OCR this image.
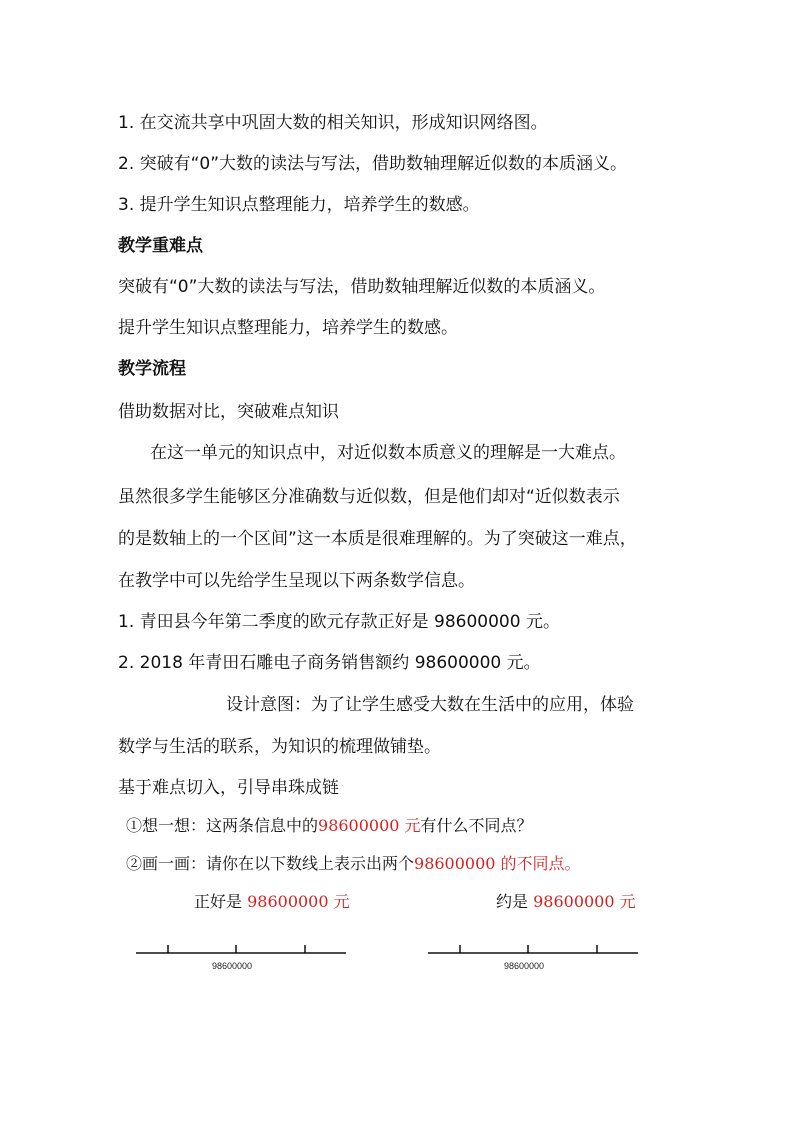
1. 在交流共享中巩固大数的相关知识，形成知识网络图。
2. 突破有“0”大数的读法与写法，借助数轴理解近似数的本质涵义。
3. 提升学生知识点整理能力，培养学生的数感。
教学重难点
突破有“0”大数的读法与写法，借助数轴理解近似数的本质涵义。
提升学生知识点整理能力，培养学生的数感。
教学流程
借助数据对比，突破难点知识
在这一单元的知识点中，对近似数本质意义的理解是一大难点。
虽然很多学生能够区分准确数与近似数，但是他们却对“近似数表示
的是数轴上的一个区间”这一本质是很难理解的。为了突破这一难点，
在教学中可以先给学生呈现以下两条数学信息。
1. 青田县今年第二季度的欧元存款正好是 98600000 元。
2. 2018 年青田石雕电子商务销售额约 98600000 元。
设计意图：为了让学生感受大数在生活中的应用，体验
数学与生活的联系，为知识的梳理做铺垫。
基于难点切入，引导串珠成链
①想一想：这两条信息中的98600000 元有什么不同点？
②画一画：请你在以下数线上表示出两个98600000 的不同点。
正好是 98600000 元	约是 98600000 元
98600000	98600000
